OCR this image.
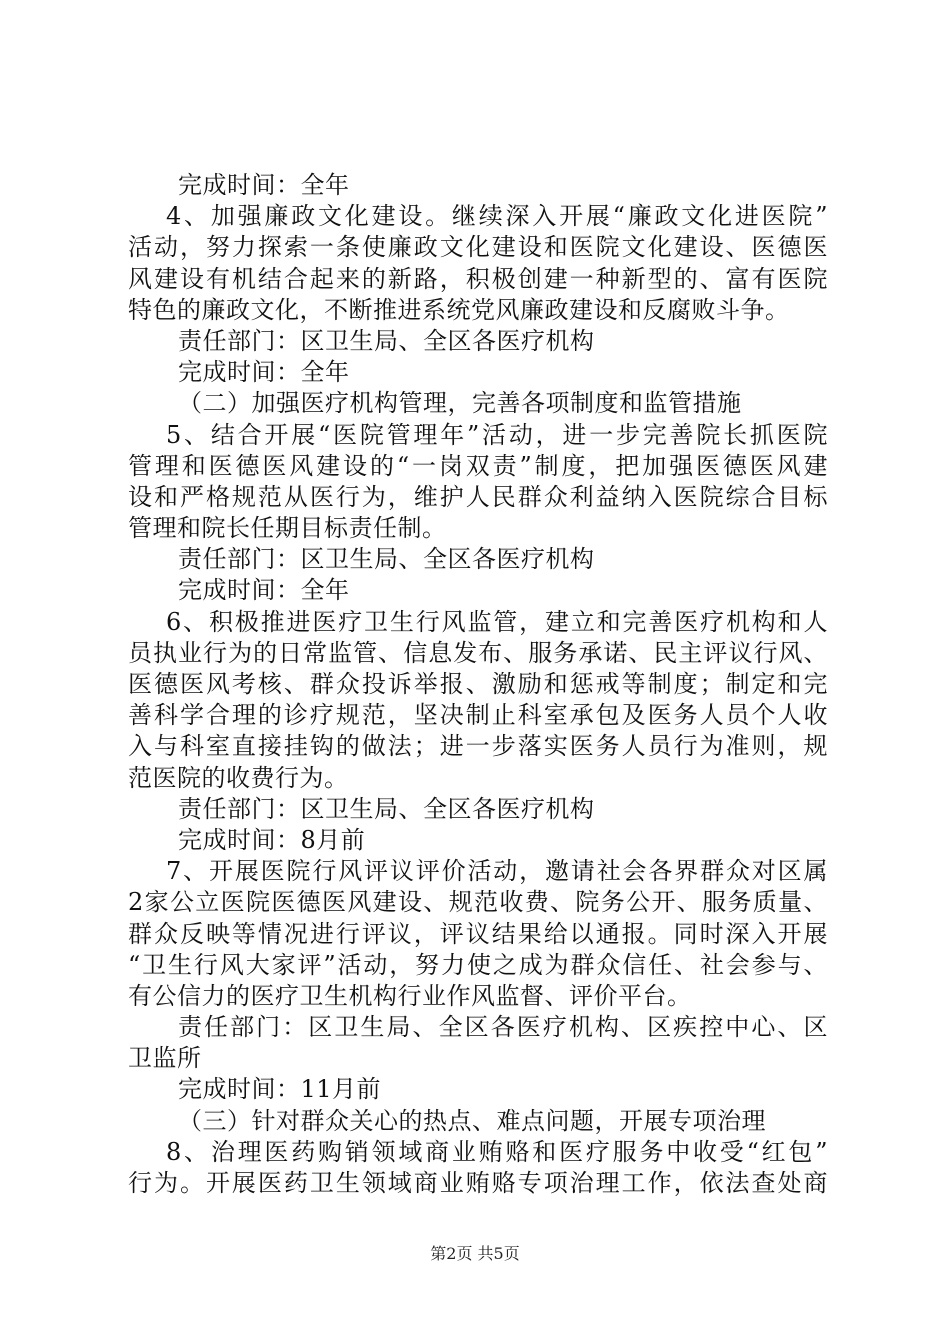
完成时间：全年
4、加强廉政文化建设。继续深入开展“廉政文化进医院”
活动，努力探索一条使廉政文化建设和医院文化建设、医德医
风建设有机结合起来的新路，积极创建一种新型的、富有医院
特色的廉政文化，不断推进系统党风廉政建设和反腐败斗争。
责任部门：区卫生局、全区各医疗机构
完成时间：全年
（二）加强医疗机构管理，完善各项制度和监管措施
5、结合开展“医院管理年”活动，进一步完善院长抓医院
管理和医德医风建设的“一岗双责”制度，把加强医德医风建
设和严格规范从医行为，维护人民群众利益纳入医院综合目标
管理和院长任期目标责任制。
责任部门：区卫生局、全区各医疗机构
完成时间：全年
6、积极推进医疗卫生行风监管，建立和完善医疗机构和人
员执业行为的日常监管、信息发布、服务承诺、民主评议行风、
医德医风考核、群众投诉举报、激励和惩戒等制度；制定和完
善科学合理的诊疗规范，坚决制止科室承包及医务人员个人收
入与科室直接挂钩的做法；进一步落实医务人员行为准则，规
范医院的收费行为。
责任部门：区卫生局、全区各医疗机构
完成时间：8月前
7、开展医院行风评议评价活动，邀请社会各界群众对区属
2家公立医院医德医风建设、规范收费、院务公开、服务质量、
群众反映等情况进行评议，评议结果给以通报。同时深入开展
“卫生行风大家评”活动，努力使之成为群众信任、社会参与、
有公信力的医疗卫生机构行业作风监督、评价平台。
责任部门：区卫生局、全区各医疗机构、区疾控中心、区
卫监所
完成时间：11月前
（三）针对群众关心的热点、难点问题，开展专项治理
8、治理医药购销领域商业贿赂和医疗服务中收受“红包”
行为。开展医药卫生领域商业贿赂专项治理工作，依法查处商
第2页 共5页
